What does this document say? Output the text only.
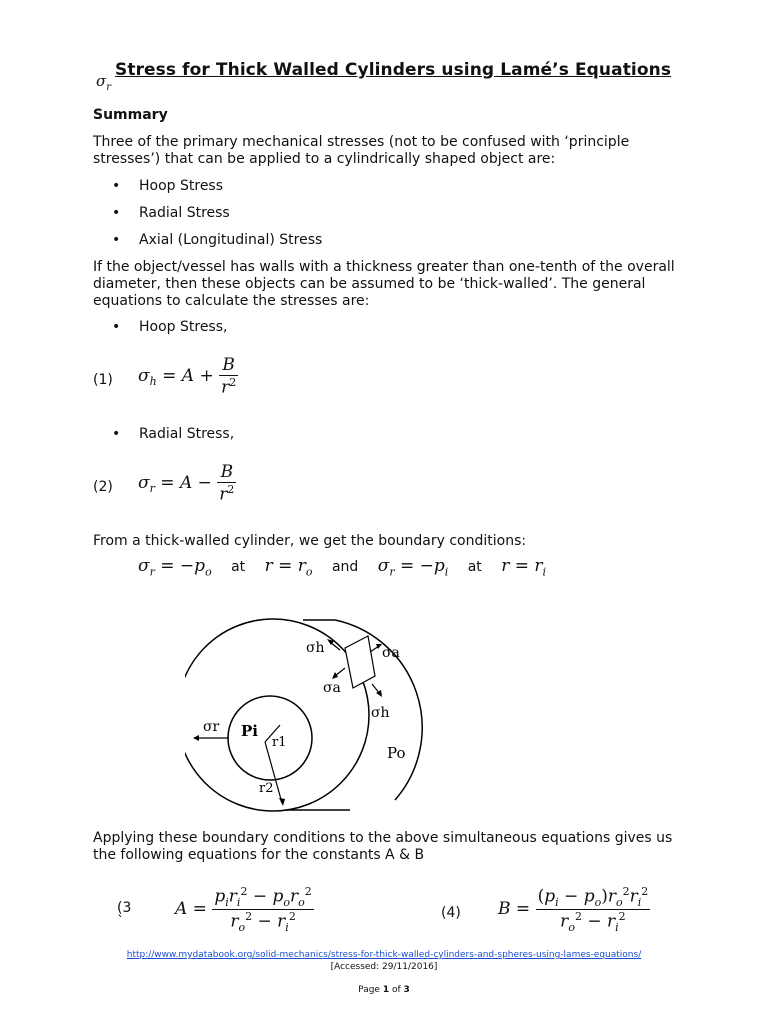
$\sigma_r$
Stress for Thick Walled Cylinders using Lamé’s Equations
Summary
Three of the primary mechanical stresses (not to be confused with ‘principle stresses’) that can be applied to a cylindrically shaped object are:
• Hoop Stress
• Radial Stress
• Axial (Longitudinal) Stress
If the object/vessel has walls with a thickness greater than one-tenth of the overall diameter, then these objects can be assumed to be ‘thick-walled’. The general equations to calculate the stresses are:
• Hoop Stress,
(1) $\sigma_h = A + \frac{B}{r^2}$
• Radial Stress,
(2) $\sigma_r = A - \frac{B}{r^2}$
From a thick-walled cylinder, we get the boundary conditions:
$\sigma_r = -p_o$ at $r = r_o$ and $\sigma_r = -p_i$ at $r = r_i$
σh	σa
σa
σh
σr Pi
r1
r2
Po
Applying these boundary conditions to the above simultaneous equations gives us the following equations for the constants A & B
(3
`
$A = \frac{p_ir_i^2 - p_or_o^2}{r_o^2 - r_i^2}$	(4) $B = \frac{(p_i - p_o)r_o^2r_i^2}{r_o^2 - r_i^2}$
http://www.mydatabook.org/solid-mechanics/stress-for-thick-walled-cylinders-and-spheres-using-lames-equations/
[Accessed: 29/11/2016]
Page 1 of 3
